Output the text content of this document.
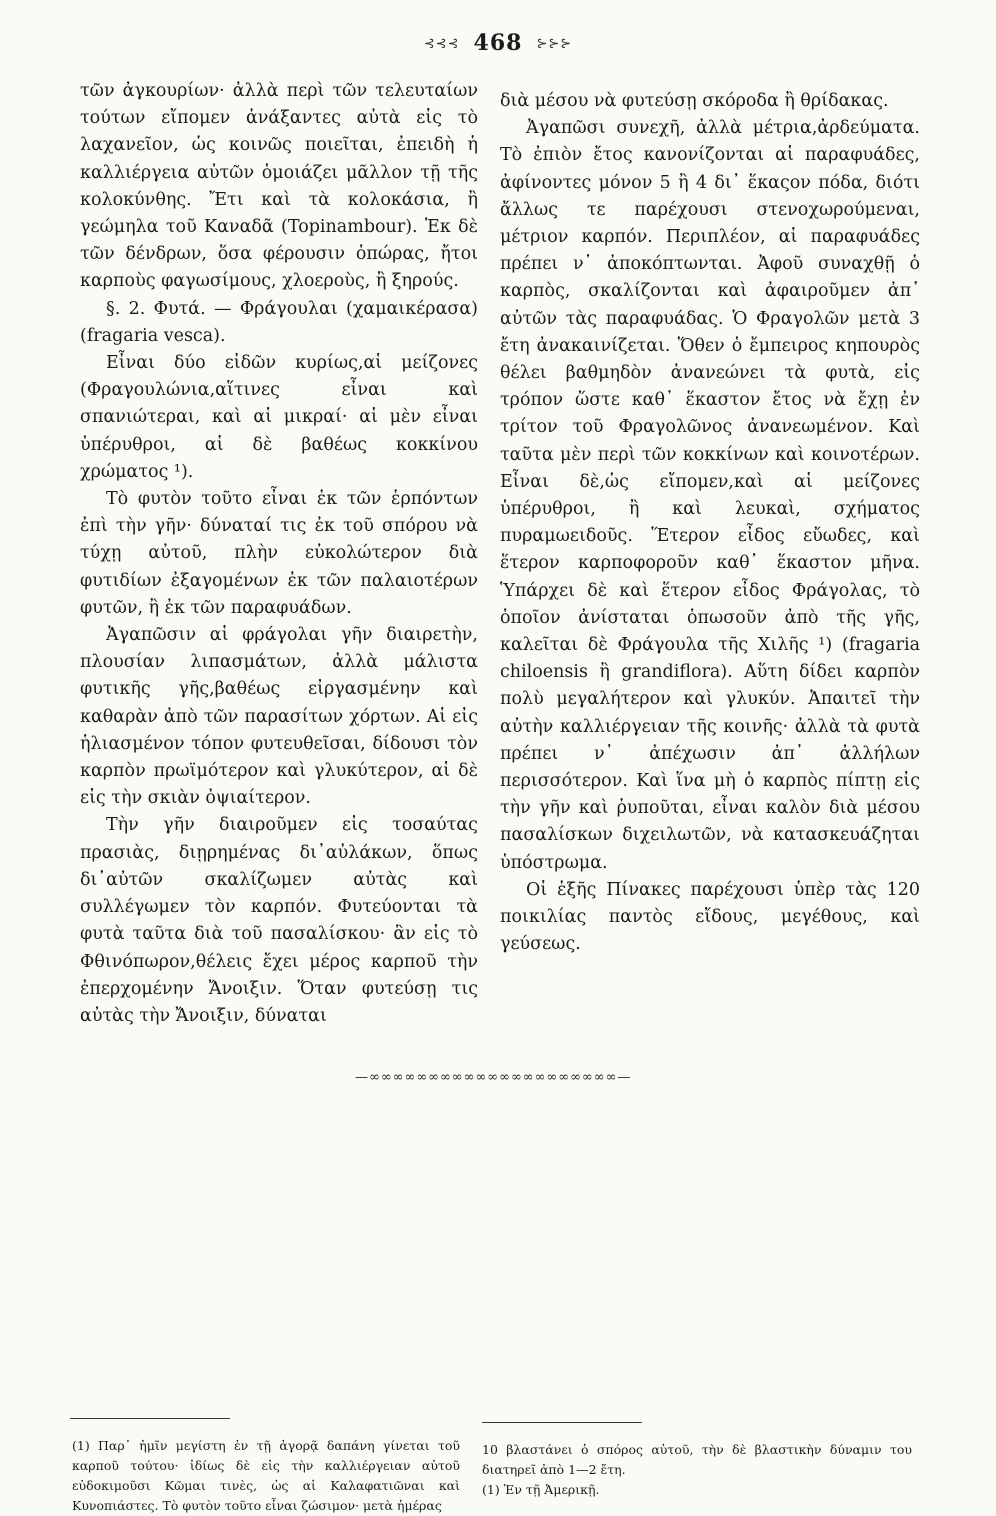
⊰⊰⊰ 468 ⊱⊱⊱

τῶν ἀγκουρίων· ἀλλὰ περὶ τῶν τελευταίων τούτων εἴπομεν ἀνάξαντες αὐτὰ εἰς τὸ λαχανεῖον, ὡς κοινῶς ποιεῖται, ἐπειδὴ ἡ καλλιέργεια αὐτῶν ὁμοιάζει μᾶλλον τῇ τῆς κολοκύνθης. Ἔτι καὶ τὰ κολοκάσια, ἢ γεώμηλα τοῦ Καναδᾶ (Topinambour). Ἐκ δὲ τῶν δένδρων, ὅσα φέρουσιν ὀπώρας, ἤτοι καρποὺς φαγωσίμους, χλοεροὺς, ἢ ξηρούς.

§. 2. Φυτά. — Φράγουλαι (χαμαικέρασα) (fragaria vesca).

Εἶναι δύο εἰδῶν κυρίως,αἱ μείζονες (Φραγουλώνια,αἵτινες εἶναι καὶ σπανιώτεραι, καὶ αἱ μικραί· αἱ μὲν εἶναι ὑπέρυθροι, αἱ δὲ βαθέως κοκκίνου χρώματος ¹).

Τὸ φυτὸν τοῦτο εἶναι ἐκ τῶν ἑρπόντων ἐπὶ τὴν γῆν· δύναταί τις ἐκ τοῦ σπόρου νὰ τύχῃ αὐτοῦ, πλὴν εὐκολώτερον διὰ φυτιδίων ἐξαγομένων ἐκ τῶν παλαιοτέρων φυτῶν, ἢ ἐκ τῶν παραφυάδων.

Ἀγαπῶσιν αἱ φράγολαι γῆν διαιρετὴν, πλουσίαν λιπασμάτων, ἀλλὰ μάλιστα φυτικῆς γῆς,βαθέως εἰργασμένην καὶ καθαρὰν ἀπὸ τῶν παρασίτων χόρτων. Αἱ εἰς ἡλιασμένον τόπον φυτευθεῖσαι, δίδουσι τὸν καρπὸν πρωϊμότερον καὶ γλυκύτερον, αἱ δὲ εἰς τὴν σκιὰν ὀψιαίτερον.

Τὴν γῆν διαιροῦμεν εἰς τοσαύτας πρασιὰς, διῃρημένας δι᾽αὐλάκων, ὅπως δι᾽αὐτῶν σκαλίζωμεν αὐτὰς καὶ συλλέγωμεν τὸν καρπόν. Φυτεύονται τὰ φυτὰ ταῦτα διὰ τοῦ πασαλίσκου· ἂν εἰς τὸ Φθινόπωρον,θέλεις ἔχει μέρος καρποῦ τὴν ἐπερχομένην Ἄνοιξιν. Ὅταν φυτεύσῃ τις αὐτὰς τὴν Ἄνοιξιν, δύναται

διὰ μέσου νὰ φυτεύσῃ σκόροδα ἢ θρίδακας.

Ἀγαπῶσι συνεχῆ, ἀλλὰ μέτρια,ἀρδεύματα. Τὸ ἐπιὸν ἔτος κανονίζονται αἱ παραφυάδες, ἀφίνοντες μόνον 5 ἢ 4 δι᾽ ἕκαςον πόδα, διότι ἄλλως τε παρέχουσι στενοχωρούμεναι, μέτριον καρπόν. Περιπλέον, αἱ παραφυάδες πρέπει ν᾽ ἀποκόπτωνται. Ἀφοῦ συναχθῇ ὁ καρπὸς, σκαλίζονται καὶ ἀφαιροῦμεν ἀπ᾽ αὐτῶν τὰς παραφυάδας. Ὁ Φραγολῶν μετὰ 3 ἔτη ἀνακαινίζεται. Ὅθεν ὁ ἔμπειρος κηπουρὸς θέλει βαθμηδὸν ἀνανεώνει τὰ φυτὰ, εἰς τρόπον ὥστε καθ᾽ ἕκαστον ἔτος νὰ ἔχῃ ἐν τρίτον τοῦ Φραγολῶνος ἀνανεωμένον. Καὶ ταῦτα μὲν περὶ τῶν κοκκίνων καὶ κοινοτέρων. Εἶναι δὲ,ὡς εἴπομεν,καὶ αἱ μείζονες ὑπέρυθροι, ἢ καὶ λευκαὶ, σχήματος πυραμωειδοῦς. Ἕτερον εἶδος εὔωδες, καὶ ἕτερον καρποφοροῦν καθ᾽ ἕκαστον μῆνα. Ὑπάρχει δὲ καὶ ἕτερον εἶδος Φράγολας, τὸ ὁποῖον ἀνίσταται ὁπωσοῦν ἀπὸ τῆς γῆς, καλεῖται δὲ Φράγουλα τῆς Χιλῆς ¹) (fragaria chiloensis ἢ grandiflora). Αὕτη δίδει καρπὸν πολὺ μεγαλήτερον καὶ γλυκύν. Ἀπαιτεῖ τὴν αὐτὴν καλλιέργειαν τῆς κοινῆς· ἀλλὰ τὰ φυτὰ πρέπει ν᾽ ἀπέχωσιν ἀπ᾽ ἀλλήλων περισσότερον. Καὶ ἵνα μὴ ὁ καρπὸς πίπτῃ εἰς τὴν γῆν καὶ ῥυποῦται, εἶναι καλὸν διὰ μέσου πασαλίσκων διχειλωτῶν, νὰ κατασκευάζηται ὑπόστρωμα.

Οἱ ἑξῆς Πίνακες παρέχουσι ὑπὲρ τὰς 120 ποικιλίας παντὸς εἴδους, μεγέθους, καὶ γεύσεως.

—∞∞∞∞∞∞∞∞∞∞∞∞∞∞∞∞∞∞∞∞∞—

(1) Παρ᾽ ἡμῖν μεγίστη ἐν τῇ ἀγορᾷ δαπάνη γίνεται τοῦ καρποῦ τούτου· ἰδίως δὲ εἰς τὴν καλλιέργειαν αὐτοῦ εὐδοκιμοῦσι Κῶμαι τινὲς, ὡς αἱ Καλαφατιῶναι καὶ Κυνοπιάστες. Τὸ φυτὸν τοῦτο εἶναι ζώσιμον· μετὰ ἡμέρας

10 βλαστάνει ὁ σπόρος αὐτοῦ, τὴν δὲ βλαστικὴν δύναμιν του διατηρεῖ ἀπὸ 1—2 ἔτη.

(1) Ἐν τῇ Ἀμερικῇ.
